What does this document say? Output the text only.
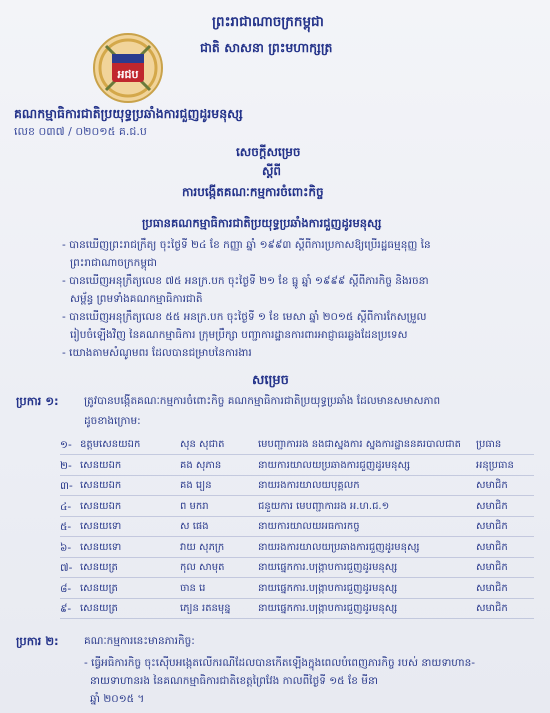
ព្រះរាជាណាចក្រកម្ពុជា
ជាតិ សាសនា ព្រះមហាក្សត្រ
អជប
គណកម្មាធិការជាតិប្រយុទ្ធប្រឆាំងការជួញដូរមនុស្ស
លេខ ០៣៧ / ០២០១៥ គ.ជ.ប
សេចក្តីសម្រេច
ស្តីពី
ការបង្កើតគណៈកម្មការចំពោះកិច្ច
ប្រធានគណកម្មាធិការជាតិប្រយុទ្ធប្រឆាំងការជួញដូរមនុស្ស
- បានឃើញព្រះរាជក្រឹត្យ ចុះថ្ងៃទី ២៤ ខែ កញ្ញា ឆ្នាំ ១៩៩៣ ស្តីពីការប្រកាសឱ្យប្រើរដ្ឋធម្មនុញ្ញ នៃ
ព្រះរាជាណាចក្រកម្ពុជា
- បានឃើញអនុក្រឹត្យលេខ ៧៥ អនក្រ.បក ចុះថ្ងៃទី ២១ ខែ ធ្នូ ឆ្នាំ ១៩៩៩ ស្តីពីភារកិច្ច និងរចនា
សម្ព័ន្ធ ព្រមទាំងគណកម្មាធិការជាតិ
- បានឃើញអនុក្រឹត្យលេខ ៥៥ អនក្រ.បក ចុះថ្ងៃទី ១ ខែ មេសា ឆ្នាំ ២០១៥ ស្តីពីការកែសម្រួល
រៀបចំឡើងវិញ នៃគណកម្មាធិការ ក្រុមប្រឹក្សា បញ្ជាការដ្ឋានការពារអាជ្ញាធរឆ្លងដែនប្រទេស
- យោងតាមសំណូមពរ ដែលបានជម្រាបនៃការងារ
សម្រេច
ប្រការ ១: ត្រូវបានបង្កើតគណៈកម្មការចំពោះកិច្ច គណកម្មាធិការជាតិប្រយុទ្ធប្រឆាំង ដែលមានសមាសភាព
ដូចខាងក្រោម:
១- ឧត្តមសេនីយ៍ឯក	ស៊ិន សុជាតិ	មេបញ្ជាការរង និងជាស្នងការ ស្នងការដ្ឋាននគរបាលជាតិ ប្រធាន
២- សេនីយ៍ឯក	គង់ សុភាន់	នាយការិយាល័យប្រឆាំងការជួញដូរមនុស្ស	អនុប្រធាន
៣- សេនីយ៍ឯក	គង់ រឿន	នាយរងការិយាល័យបុគ្គលិក	សមាជិក
៤- សេនីយ៍ឯក	ពី មករា	ជំនួយការ មេបញ្ជាការរង អ.ហ.ជ.១	សមាជិក
៥- សេនីយ៍ទោ	ស ផេង	នាយការិយាល័យអធិការកិច្ច	សមាជិក
៦- សេនីយ៍ទោ	វាយ សុភ័ក្រ	នាយរងការិយាល័យប្រឆាំងការជួញដូរមនុស្ស	សមាជិក
៧- សេនីយ៍ត្រី	កុល សាមុត	នាយផ្នែកការិ.បង្ក្រាបការជួញដូរមនុស្ស	សមាជិក
៨- សេនីយ៍ត្រី	ចាន់ រ៉ៃ	នាយផ្នែកការិ.បង្ក្រាបការជួញដូរមនុស្ស	សមាជិក
៩- សេនីយ៍ត្រី	ភឿន រតនមុន្នី	នាយផ្នែកការិ.បង្ក្រាបការជួញដូរមនុស្ស	សមាជិក
ប្រការ ២: គណៈកម្មការនេះមានភារកិច្ច:
- ធ្វើអធិការកិច្ច ចុះស៊ើបអង្កេតលើករណីដែលបានកើតឡើងក្នុងពេលបំពេញភារកិច្ច របស់ នាយទាហាន-
នាយទាហានរង នៃគណកម្មាធិការជាតិខេត្តព្រៃវែង កាលពីថ្ងៃទី ១៥ ខែ មីនា
ឆ្នាំ ២០១៥ ។
